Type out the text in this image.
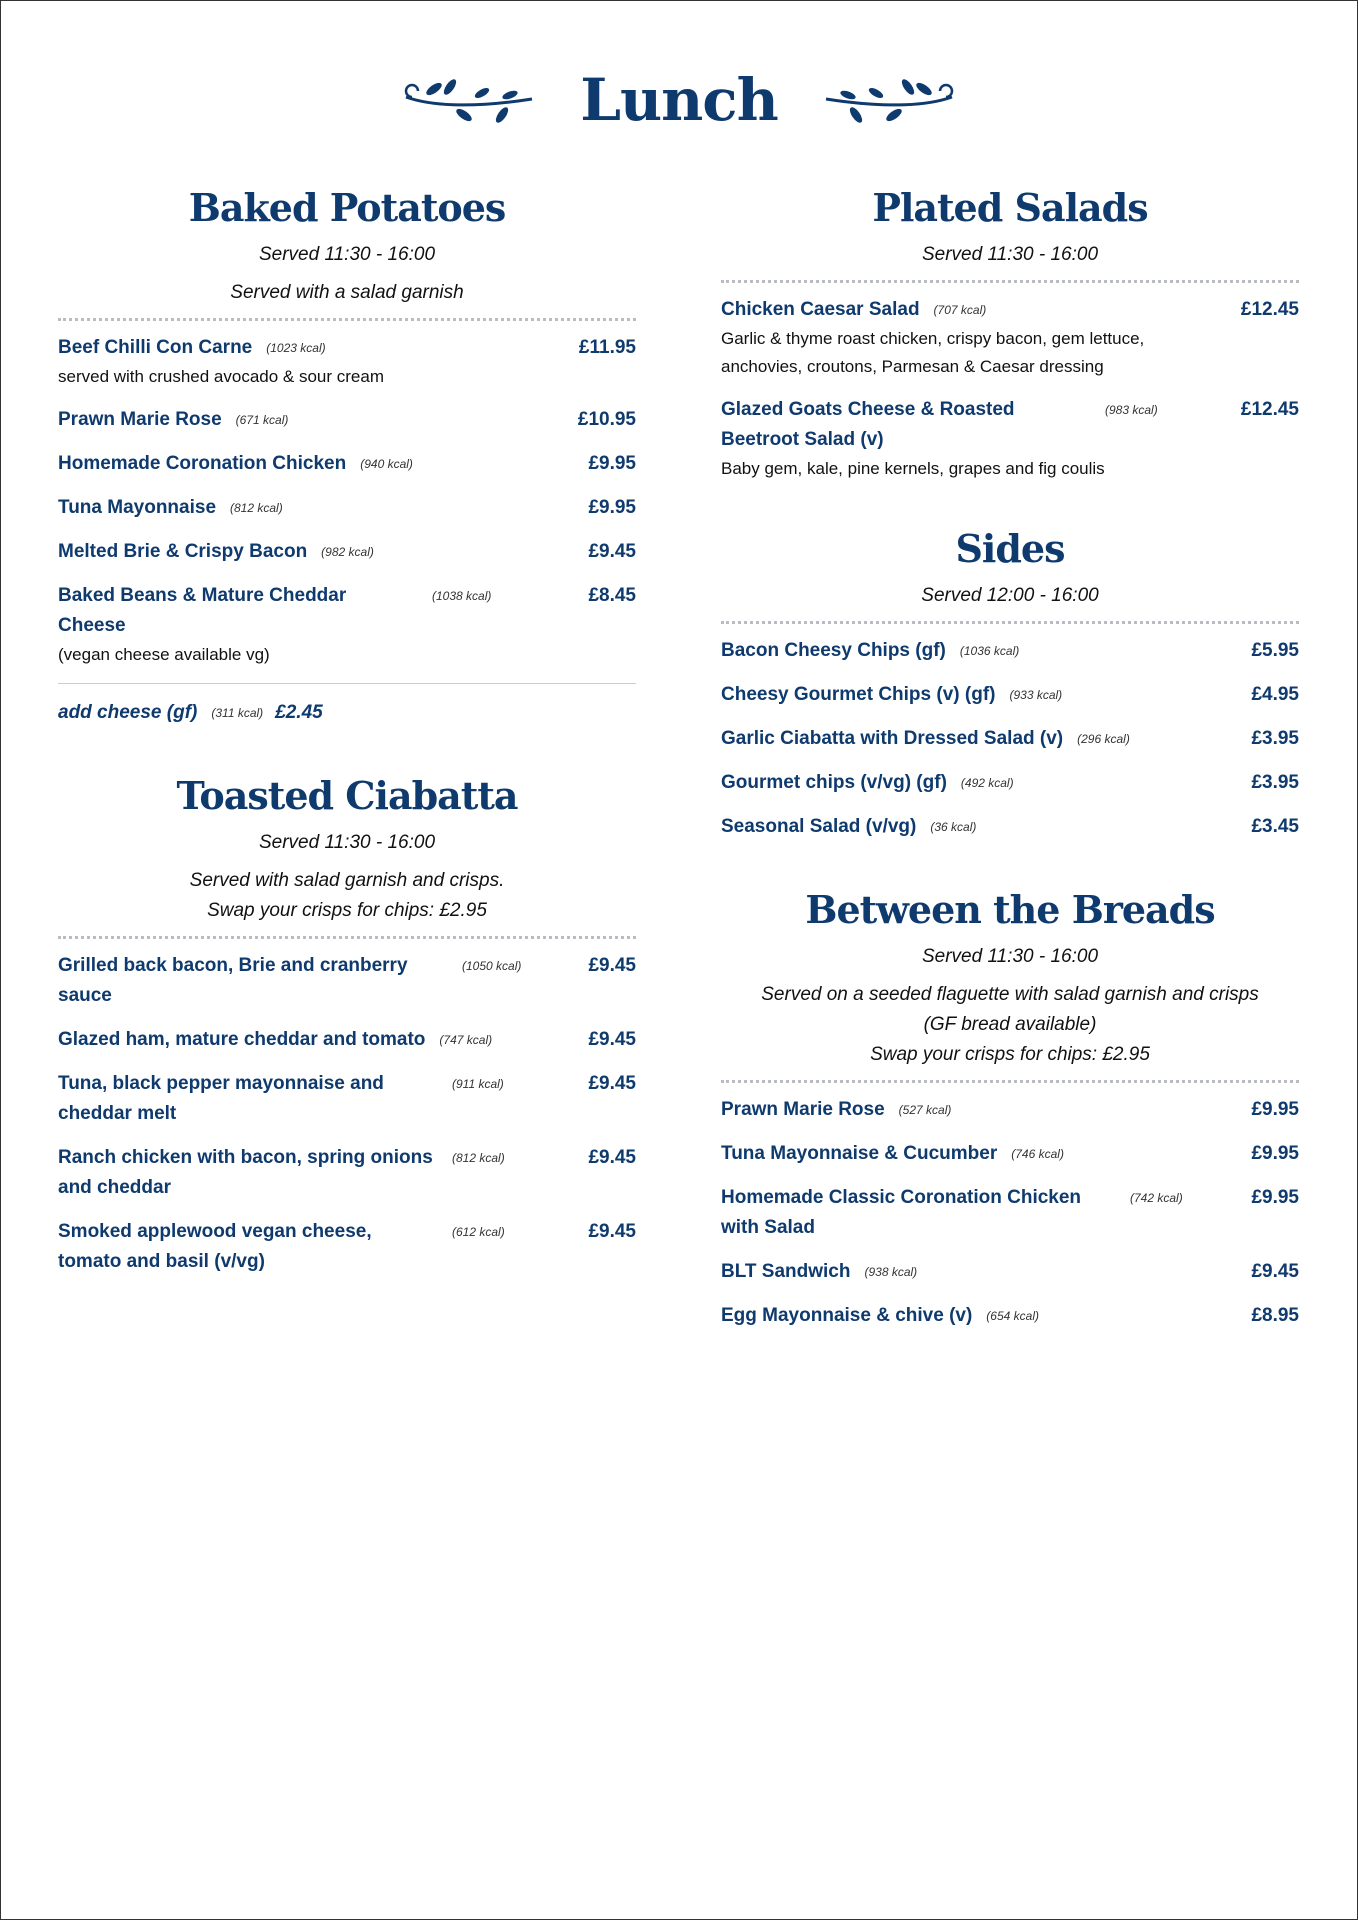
Lunch
Baked Potatoes
Served 11:30 - 16:00
Served with a salad garnish
Beef Chilli Con Carne (1023 kcal)	£11.95
served with crushed avocado & sour cream
Prawn Marie Rose (671 kcal)	£10.95
Homemade Coronation Chicken (940 kcal)	£9.95
Tuna Mayonnaise (812 kcal)	£9.95
Melted Brie & Crispy Bacon (982 kcal)	£9.45
Baked Beans & Mature Cheddar Cheese
(1038 kcal)	£8.45
(vegan cheese available vg)
add cheese (gf) (311 kcal) £2.45
Toasted Ciabatta
Served 11:30 - 16:00
Served with salad garnish and crisps.
Swap your crisps for chips: £2.95
Grilled back bacon, Brie and cranberry sauce
(1050 kcal)	£9.45
Glazed ham, mature cheddar and tomato (747 kcal)	£9.45
Tuna, black pepper mayonnaise and cheddar melt
(911 kcal)	£9.45
Ranch chicken with bacon, spring onions and cheddar
(812 kcal)	£9.45
Smoked applewood vegan cheese, tomato and basil (v/vg)
(612 kcal)	£9.45
Plated Salads
Served 11:30 - 16:00
Chicken Caesar Salad (707 kcal)	£12.45
Garlic & thyme roast chicken, crispy bacon, gem lettuce, anchovies, croutons, Parmesan & Caesar dressing
Glazed Goats Cheese & Roasted Beetroot Salad (v)
(983 kcal)	£12.45
Baby gem, kale, pine kernels, grapes and fig coulis
Sides
Served 12:00 - 16:00
Bacon Cheesy Chips (gf) (1036 kcal)	£5.95
Cheesy Gourmet Chips (v) (gf) (933 kcal)	£4.95
Garlic Ciabatta with Dressed Salad (v) (296 kcal)	£3.95
Gourmet chips (v/vg) (gf) (492 kcal)	£3.95
Seasonal Salad (v/vg) (36 kcal)	£3.45
Between the Breads
Served 11:30 - 16:00
Served on a seeded flaguette with salad garnish and crisps
(GF bread available)
Swap your crisps for chips: £2.95
Prawn Marie Rose (527 kcal)	£9.95
Tuna Mayonnaise & Cucumber (746 kcal)	£9.95
Homemade Classic Coronation Chicken with Salad
(742 kcal)	£9.95
BLT Sandwich (938 kcal)	£9.45
Egg Mayonnaise & chive (v) (654 kcal)	£8.95
